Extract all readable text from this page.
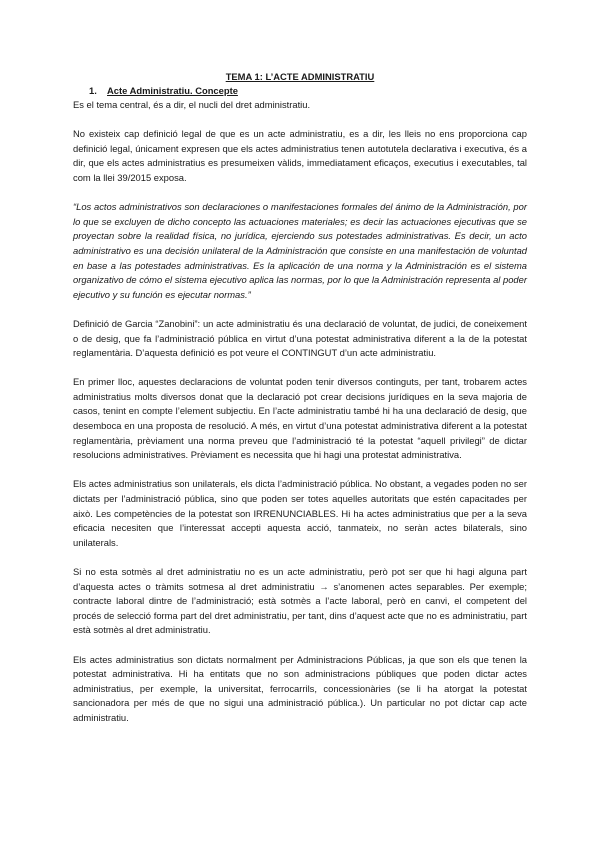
TEMA 1: L’ACTE ADMINISTRATIU
1. Acte Administratiu. Concepte

Es el tema central, és a dir, el nucli del dret administratiu.

No existeix cap definició legal de que es un acte administratiu, es a dir, les lleis no ens proporciona cap definició legal, únicament expresen que els actes administratius tenen autotutela declarativa i executiva, és a dir, que els actes administratius es presumeixen vàlids, immediatament eficaços, executius i executables, tal com la llei 39/2015 exposa.

“Los actos administrativos son declaraciones o manifestaciones formales del ánimo de la Administración, por lo que se excluyen de dicho concepto las actuaciones materiales; es decir las actuaciones ejecutivas que se proyectan sobre la realidad física, no jurídica, ejerciendo sus potestades administrativas. Es decir, un acto administrativo es una decisión unilateral de la Administración que consiste en una manifestación de voluntad en base a las potestades administrativas. Es la aplicación de una norma y la Administración es el sistema organizativo de cómo el sistema ejecutivo aplica las normas, por lo que la Administración representa al poder ejecutivo y su función es ejecutar normas.”

Definició de Garcia “Zanobini”: un acte administratiu és una declaració de voluntat, de judici, de coneixement o de desig, que fa l’administració pública en virtut d’una potestat administrativa diferent a la de la potestat reglamentària. D’aquesta definició es pot veure el CONTINGUT d’un acte administratiu.

En primer lloc, aquestes declaracions de voluntat poden tenir diversos continguts, per tant, trobarem actes administratius molts diversos donat que la declaració pot crear decisions jurídiques en la seva majoria de casos, tenint en compte l’element subjectiu. En l’acte administratiu també hi ha una declaració de desig, que desemboca en una proposta de resolució. A més, en virtut d’una potestat administrativa diferent a la potestat reglamentària, prèviament una norma preveu que l’administració té la potestat “aquell privilegi” de dictar resolucions administratives. Prèviament es necessita que hi hagi una protestat administrativa.

Els actes administratius son unilaterals, els dicta l’administració pública. No obstant, a vegades poden no ser dictats per l’administració pública, sino que poden ser totes aquelles autoritats que estén capacitades per això. Les competències de la potestat son IRRENUNCIABLES. Hi ha actes administratius que per a la seva eficacia necesiten que l’interessat accepti aquesta acció, tanmateix, no seràn actes bilaterals, sino unilaterals.

Si no esta sotmès al dret administratiu no es un acte administratiu, però pot ser que hi hagi alguna part d’aquesta actes o tràmits sotmesa al dret administratiu → s’anomenen actes separables. Per exemple; contracte laboral dintre de l’administració; està sotmès a l’acte laboral, però en canvi, el competent del procés de selecció forma part del dret administratiu, per tant, dins d’aquest acte que no es administratiu, part està sotmès al dret administratiu.

Els actes administratius son dictats normalment per Administracions Públicas, ja que son els que tenen la potestat administrativa. Hi ha entitats que no son administracions públiques que poden dictar actes administratius, per exemple, la universitat, ferrocarrils, concessionàries (se li ha atorgat la potestat sancionadora per més de que no sigui una administració pública.). Un particular no pot dictar cap acte administratiu.
